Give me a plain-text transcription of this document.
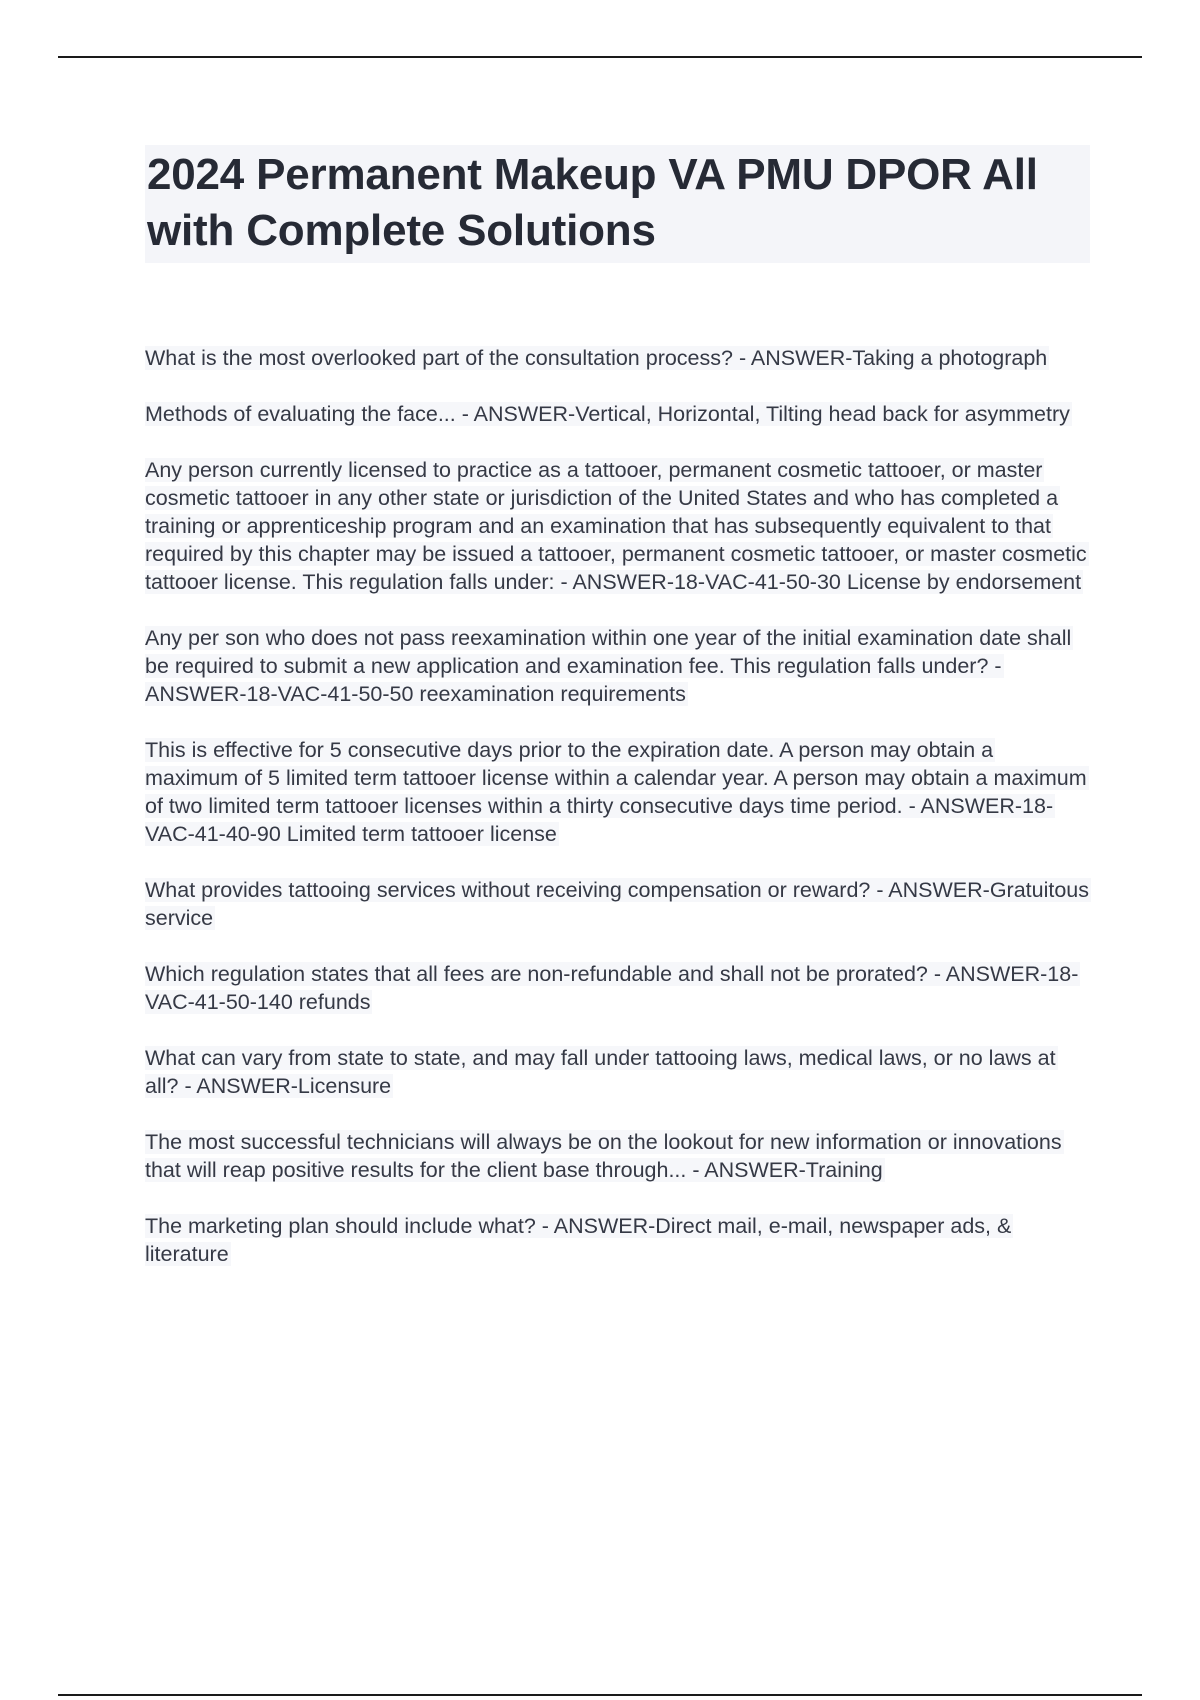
2024 Permanent Makeup VA PMU DPOR All with Complete Solutions

What is the most overlooked part of the consultation process? - ANSWER-Taking a photograph

Methods of evaluating the face... - ANSWER-Vertical, Horizontal, Tilting head back for asymmetry

Any person currently licensed to practice as a tattooer, permanent cosmetic tattooer, or master cosmetic tattooer in any other state or jurisdiction of the United States and who has completed a training or apprenticeship program and an examination that has subsequently equivalent to that required by this chapter may be issued a tattooer, permanent cosmetic tattooer, or master cosmetic tattooer license. This regulation falls under: - ANSWER-18-VAC-41-50-30 License by endorsement

Any per son who does not pass reexamination within one year of the initial examination date shall be required to submit a new application and examination fee. This regulation falls under? - ANSWER-18-VAC-41-50-50 reexamination requirements

This is effective for 5 consecutive days prior to the expiration date. A person may obtain a maximum of 5 limited term tattooer license within a calendar year. A person may obtain a maximum of two limited term tattooer licenses within a thirty consecutive days time period. - ANSWER-18-VAC-41-40-90 Limited term tattooer license

What provides tattooing services without receiving compensation or reward? - ANSWER-Gratuitous service

Which regulation states that all fees are non-refundable and shall not be prorated? - ANSWER-18-VAC-41-50-140 refunds

What can vary from state to state, and may fall under tattooing laws, medical laws, or no laws at all? - ANSWER-Licensure

The most successful technicians will always be on the lookout for new information or innovations that will reap positive results for the client base through... - ANSWER-Training

The marketing plan should include what? - ANSWER-Direct mail, e-mail, newspaper ads, & literature
